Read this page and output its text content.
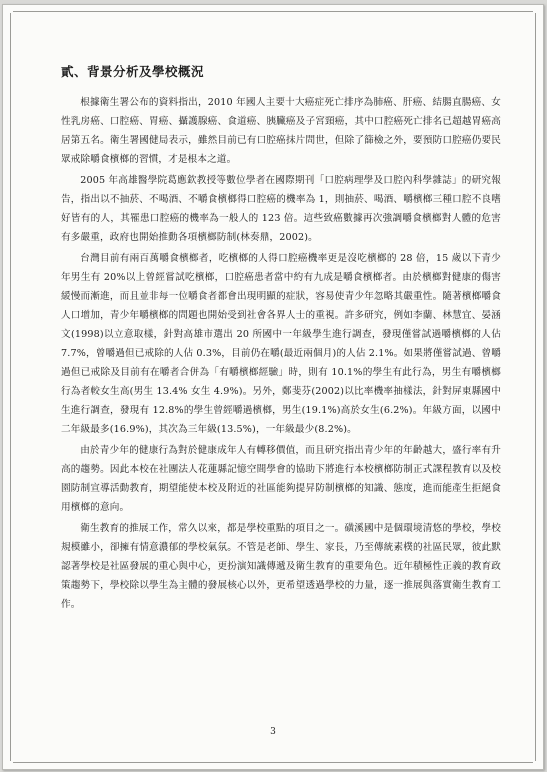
貳、背景分析及學校概況

根據衛生署公布的資料指出，2010 年國人主要十大癌症死亡排序為肺癌、肝癌、結腸直腸癌、女性乳房癌、口腔癌、胃癌、攝護腺癌、食道癌、胰臟癌及子宮頸癌，其中口腔癌死亡排名已超越胃癌高居第五名。衛生署國健局表示，雖然目前已有口腔癌抹片問世，但除了篩檢之外，要預防口腔癌仍要民眾戒除嚼食檳榔的習慣，才是根本之道。

2005 年高雄醫學院葛應欽教授等數位學者在國際期刊「口腔病理學及口腔內科學雜誌」的研究報告，指出以不抽菸、不喝酒、不嚼食檳榔得口腔癌的機率為 1，則抽菸、喝酒、嚼檳榔三種口腔不良嗜好皆有的人，其罹患口腔癌的機率為一般人的 123 倍。這些致癌數據再次強調嚼食檳榔對人體的危害有多嚴重，政府也開始推動各項檳榔防制(林奏鼎，2002)。

台灣目前有兩百萬嚼食檳榔者，吃檳榔的人得口腔癌機率更是沒吃檳榔的 28 倍，15 歲以下青少年男生有 20%以上曾經嘗試吃檳榔，口腔癌患者當中約有九成是嚼食檳榔者。由於檳榔對健康的傷害緩慢而漸進，而且並非每一位嚼食者都會出現明顯的症狀，容易使青少年忽略其嚴重性。隨著檳榔嚼食人口增加，青少年嚼檳榔的問題也開始受到社會各界人士的重視。許多研究，例如李蘭、林慧宜、晏涵文(1998)以立意取樣，針對高雄市選出 20 所國中一年級學生進行調查，發現僅嘗試過嚼檳榔的人佔 7.7%，曾嚼過但已戒除的人佔 0.3%，目前仍在嚼(最近兩個月)的人佔 2.1%。如果將僅嘗試過、曾嚼過但已戒除及目前有在嚼者合併為「有嚼檳榔經驗」時，則有 10.1%的學生有此行為，男生有嚼檳榔行為者較女生高(男生 13.4% 女生 4.9%)。另外，鄭斐芬(2002)以比率機率抽樣法，針對屏東縣國中生進行調查，發現有 12.8%的學生曾經嚼過檳榔，男生(19.1%)高於女生(6.2%)。年級方面，以國中二年級最多(16.9%)，其次為三年級(13.5%)，一年級最少(8.2%)。

由於青少年的健康行為對於健康成年人有轉移價值，而且研究指出青少年的年齡越大，盛行率有升高的趨勢。因此本校在社團法人花蓮縣記憶空間學會的協助下將進行本校檳榔防制正式課程教育以及校園防制宣導活動教育，期望能使本校及附近的社區能夠提昇防制檳榔的知識、態度，進而能產生拒絕食用檳榔的意向。

衛生教育的推展工作，常久以來，都是學校重點的項目之一。磺溪國中是個環境清悠的學校，學校規模雖小，卻擁有情意濃郁的學校氣氛。不管是老師、學生、家長，乃至傳統素樸的社區民眾，彼此默認著學校是社區發展的重心與中心，更扮演知識傳遞及衛生教育的重要角色。近年積極性正義的教育政策趨勢下，學校除以學生為主體的發展核心以外，更希望透過學校的力量，逐一推展與落實衛生教育工作。

3
